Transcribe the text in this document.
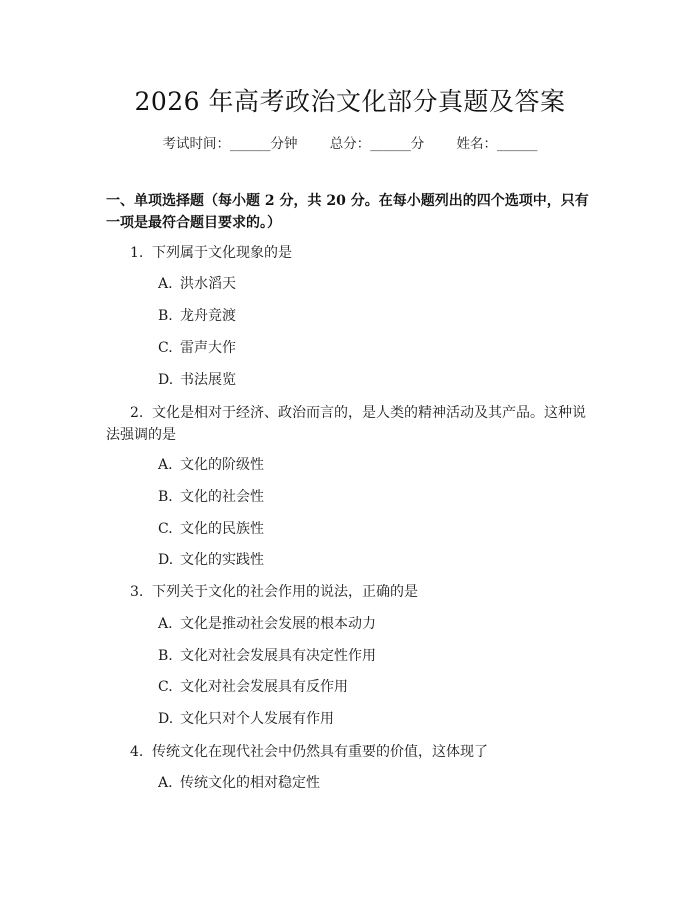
2026 年高考政治文化部分真题及答案
考试时间：______分钟 总分：______分 姓名：______
一、单项选择题（每小题 2 分，共 20 分。在每小题列出的四个选项中，只有一项是最符合题目要求的。）
1. 下列属于文化现象的是
A. 洪水滔天
B. 龙舟竞渡
C. 雷声大作
D. 书法展览
2. 文化是相对于经济、政治而言的，是人类的精神活动及其产品。这种说法强调的是
A. 文化的阶级性
B. 文化的社会性
C. 文化的民族性
D. 文化的实践性
3. 下列关于文化的社会作用的说法，正确的是
A. 文化是推动社会发展的根本动力
B. 文化对社会发展具有决定性作用
C. 文化对社会发展具有反作用
D. 文化只对个人发展有作用
4. 传统文化在现代社会中仍然具有重要的价值，这体现了
A. 传统文化的相对稳定性
